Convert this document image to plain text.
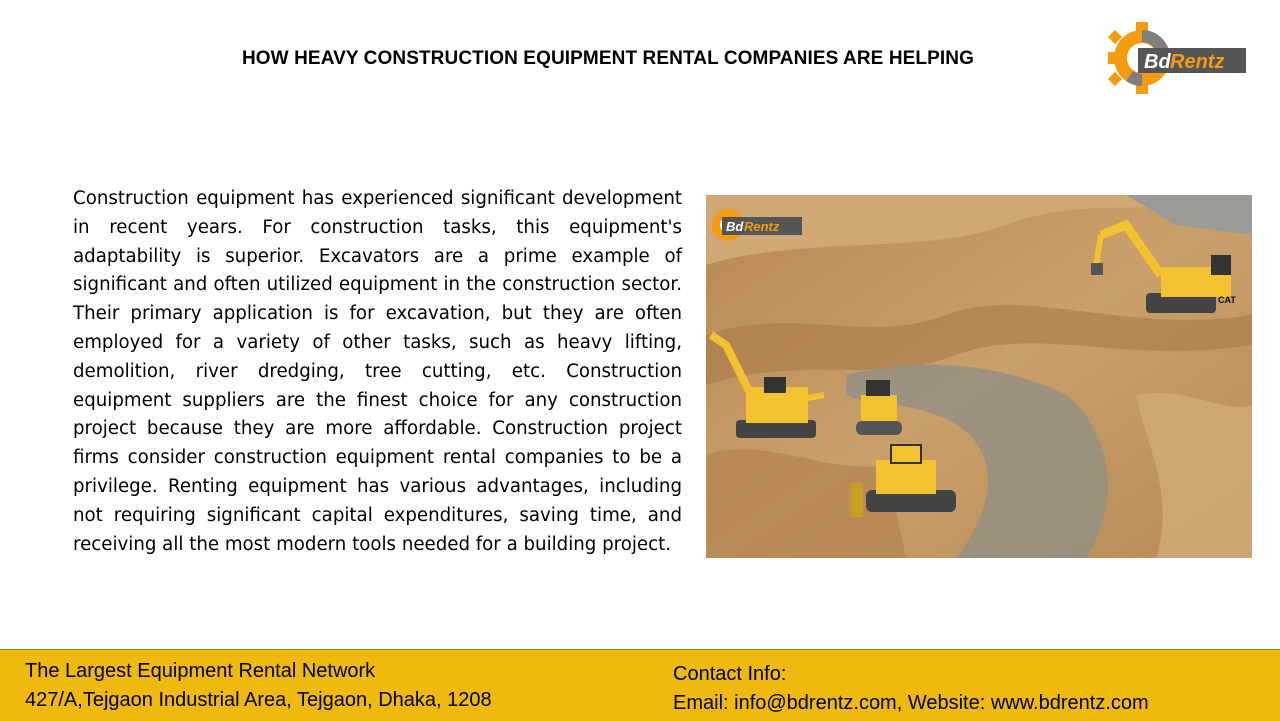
HOW HEAVY CONSTRUCTION EQUIPMENT RENTAL COMPANIES ARE HELPING	Bd Rentz
Construction equipment has experienced significant development in recent years. For construction tasks, this equipment's adaptability is superior. Excavators are a prime example of significant and often utilized equipment in the construction sector. Their primary application is for excavation, but they are often employed for a variety of other tasks, such as heavy lifting, demolition, river dredging, tree cutting, etc. Construction equipment suppliers are the finest choice for any construction project because they are more affordable. Construction project firms consider construction equipment rental companies to be a privilege. Renting equipment has various advantages, including not requiring significant capital expenditures, saving time, and receiving all the most modern tools needed for a building project.
CAT
Bd Rentz
The Largest Equipment Rental Network
427/A,Tejgaon Industrial Area, Tejgaon, Dhaka, 1208
Contact Info:
Email: info@bdrentz.com, Website: www.bdrentz.com
